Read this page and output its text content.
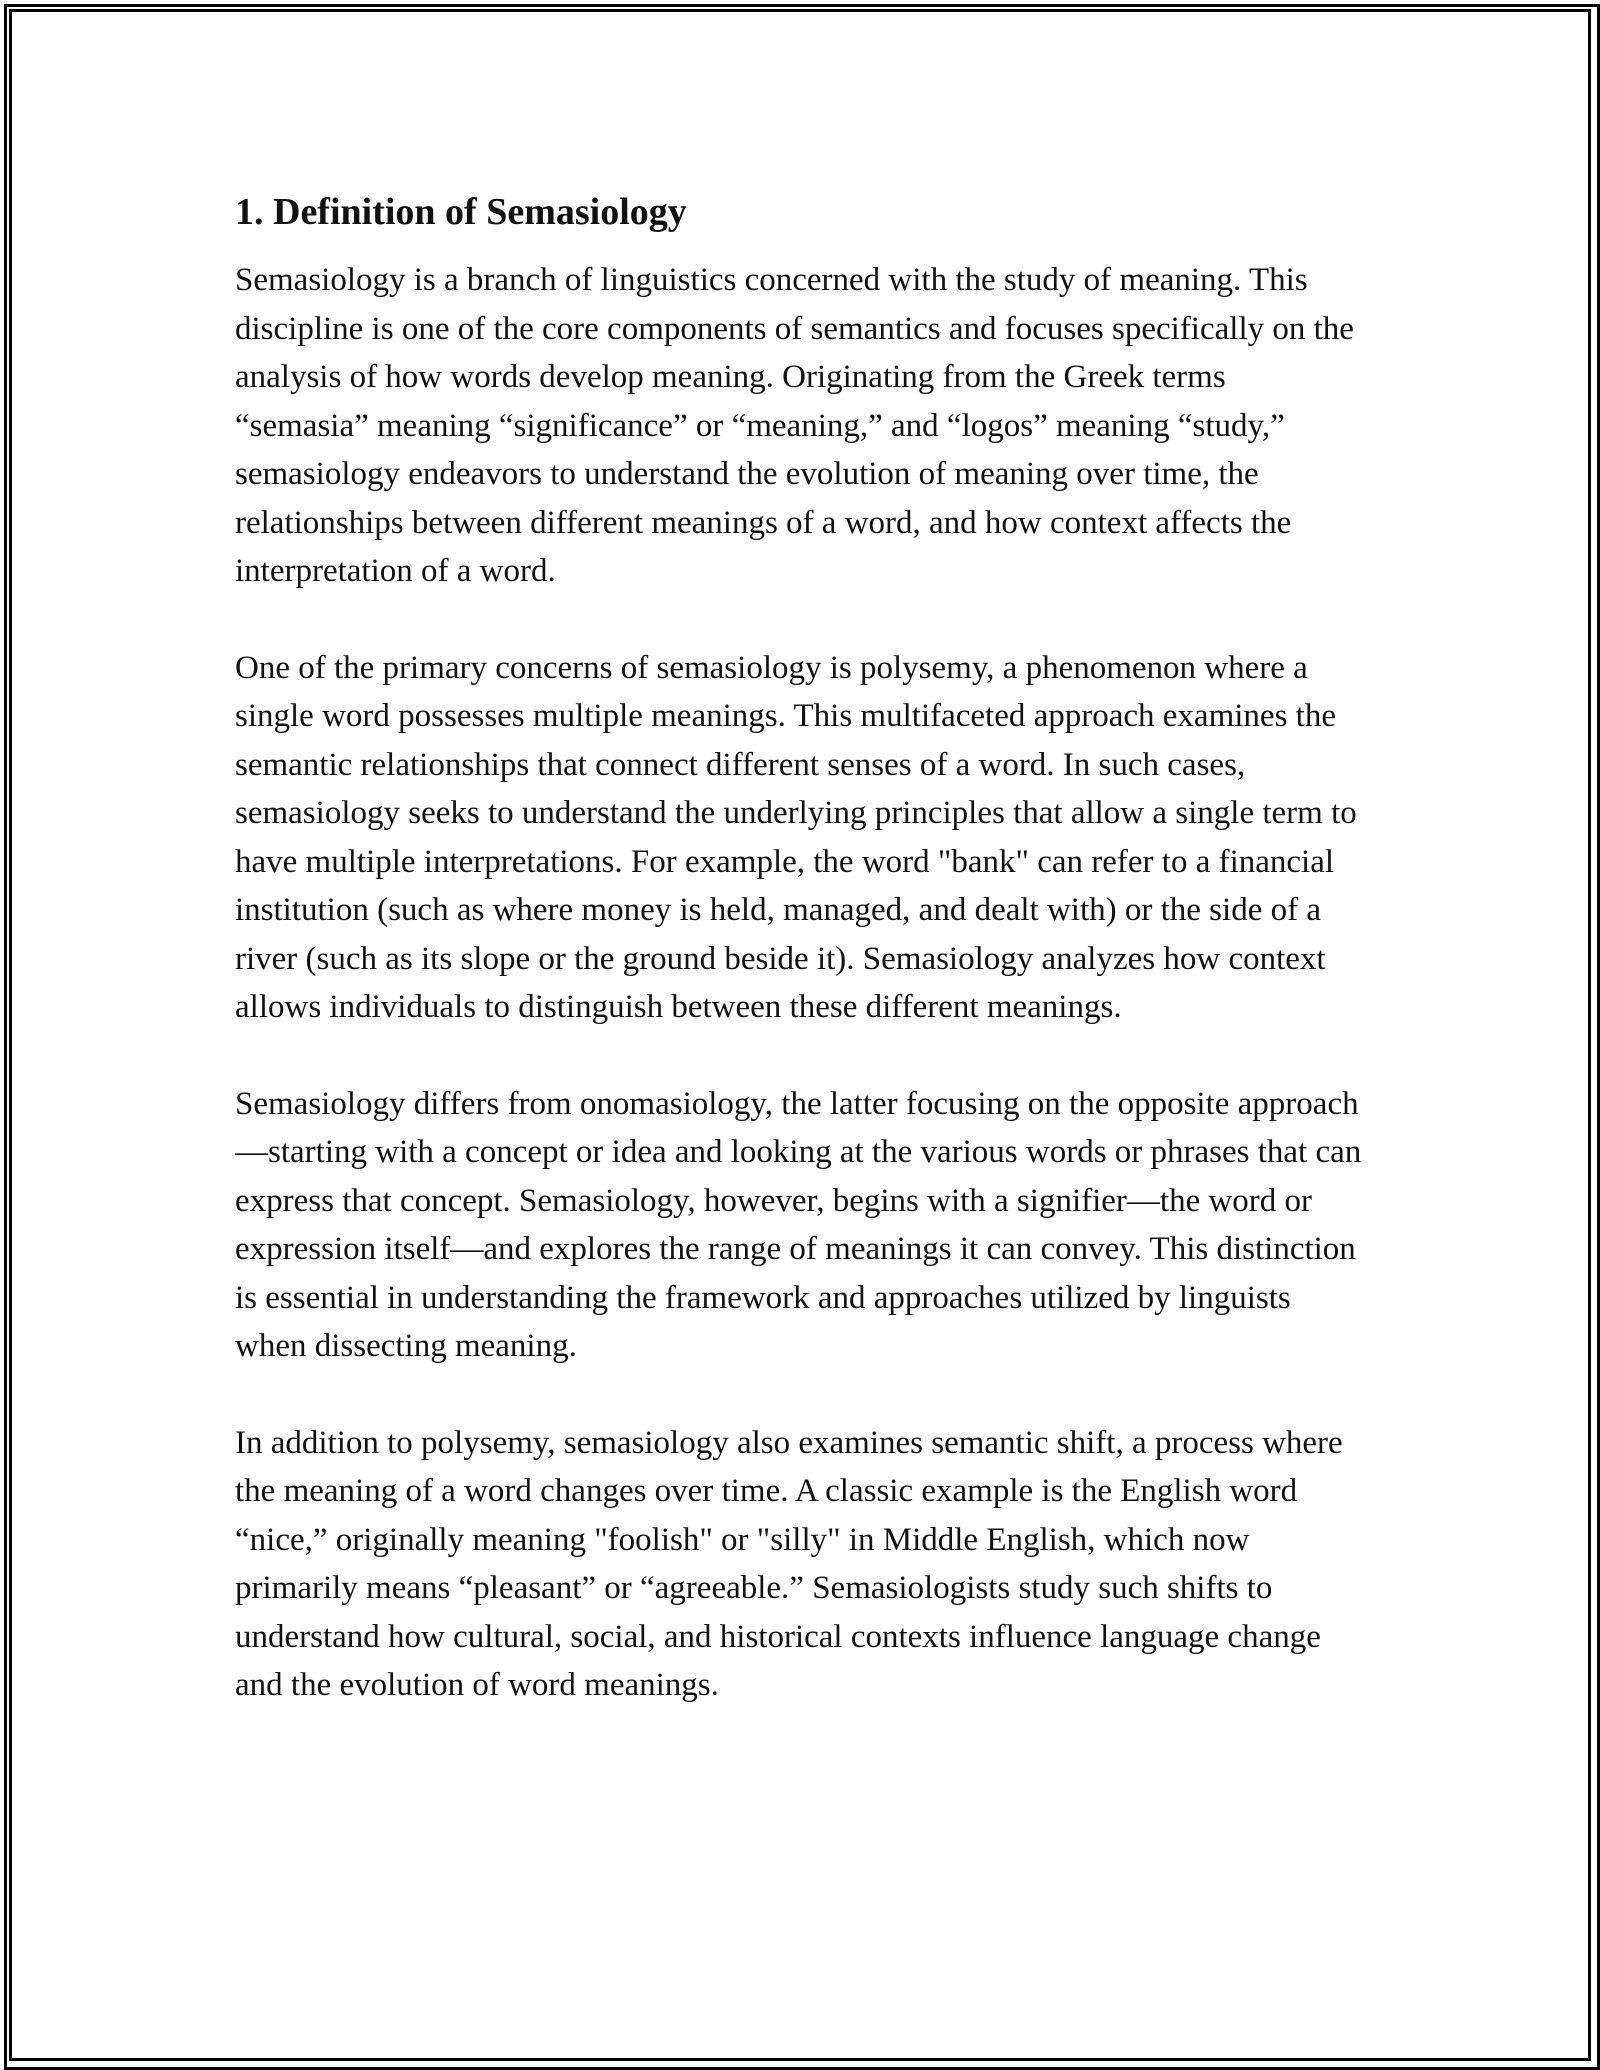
1. Definition of Semasiology

Semasiology is a branch of linguistics concerned with the study of meaning. This discipline is one of the core components of semantics and focuses specifically on the analysis of how words develop meaning. Originating from the Greek terms “semasia” meaning “significance” or “meaning,” and “logos” meaning “study,” semasiology endeavors to understand the evolution of meaning over time, the relationships between different meanings of a word, and how context affects the interpretation of a word.

One of the primary concerns of semasiology is polysemy, a phenomenon where a single word possesses multiple meanings. This multifaceted approach examines the semantic relationships that connect different senses of a word. In such cases, semasiology seeks to understand the underlying principles that allow a single term to have multiple interpretations. For example, the word "bank" can refer to a financial institution (such as where money is held, managed, and dealt with) or the side of a river (such as its slope or the ground beside it). Semasiology analyzes how context allows individuals to distinguish between these different meanings.

Semasiology differs from onomasiology, the latter focusing on the opposite approach—starting with a concept or idea and looking at the various words or phrases that can express that concept. Semasiology, however, begins with a signifier—the word or expression itself—and explores the range of meanings it can convey. This distinction is essential in understanding the framework and approaches utilized by linguists when dissecting meaning.

In addition to polysemy, semasiology also examines semantic shift, a process where the meaning of a word changes over time. A classic example is the English word “nice,” originally meaning "foolish" or "silly" in Middle English, which now primarily means “pleasant” or “agreeable.” Semasiologists study such shifts to understand how cultural, social, and historical contexts influence language change and the evolution of word meanings.
